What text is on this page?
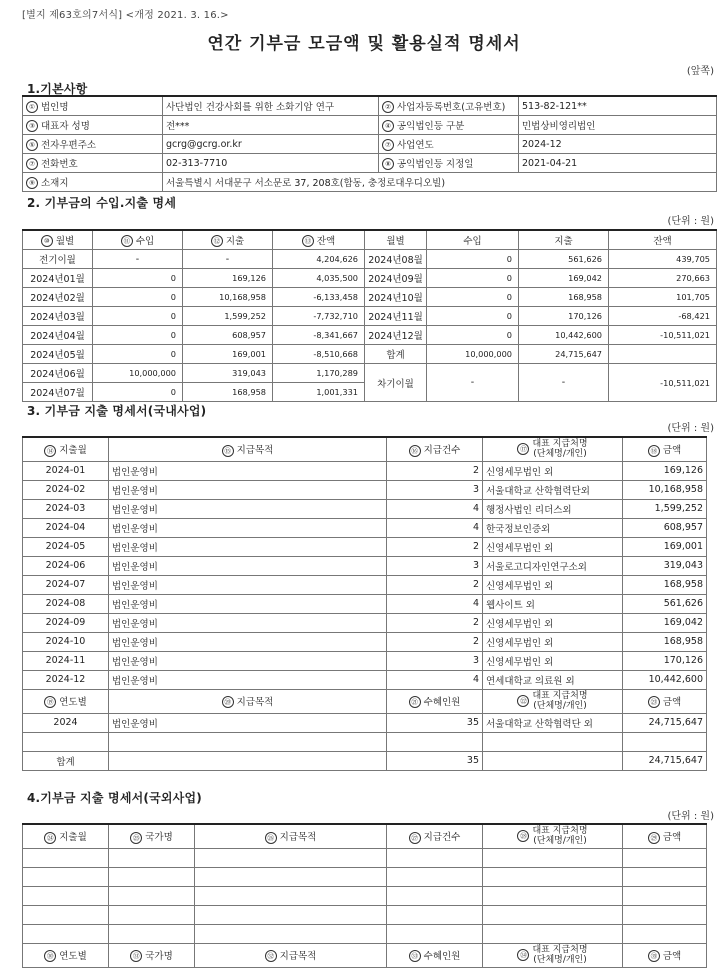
[별지 제63호의7서식] <개정 2021. 3. 16.>
연간 기부금 모금액 및 활용실적 명세서
(앞쪽)
1.기본사항
① 법인명	사단법인 건강사회를 위한 소화기암 연구	② 사업자등록번호(고유번호)	513-82-121**
③ 대표자 성명	전***	④ 공익법인등 구분	민법상비영리법인
⑤ 전자우편주소	gcrg@gcrg.or.kr	⑦ 사업연도	2024-12
⑦ 전화번호	02-313-7710	⑧ 공익법인등 지정일	2021-04-21
⑨ 소재지	서울특별시 서대문구 서소문로 37, 208호(합동, 충정로대우디오빌)		
2. 기부금의 수입.지출 명세
(단위 : 원)
⑩ 월별	⑪ 수입	⑫ 지출	⑬ 잔액	월별	수입	지출	잔액
전기이월	-	-	4,204,626	2024년08월	0	561,626	439,705
2024년01월	0	169,126	4,035,500	2024년09월	0	169,042	270,663
2024년02월	0	10,168,958	-6,133,458	2024년10월	0	168,958	101,705
2024년03월	0	1,599,252	-7,732,710	2024년11월	0	170,126	-68,421
2024년04월	0	608,957	-8,341,667	2024년12월	0	10,442,600	-10,511,021
2024년05월	0	169,001	-8,510,668	합계	10,000,000	24,715,647	
2024년06월	10,000,000	319,043	1,170,289	차기이월	-	-	-10,511,021
2024년07월	0	168,958	1,001,331				
3. 기부금 지출 명세서(국내사업)
(단위 : 원)
⑭ 지출월	⑮ 지급목적	⑯ 지급건수	⑰ 대표 지급처명
(단체명/개인)	⑱ 금액
2024-01	법인운영비	2	신영세무법인 외	169,126
2024-02	법인운영비	3	서울대학교 산학협력단외	10,168,958
2024-03	법인운영비	4	행정사법인 리더스외	1,599,252
2024-04	법인운영비	4	한국정보인증외	608,957
2024-05	법인운영비	2	신영세무법인 외	169,001
2024-06	법인운영비	3	서울로고디자인연구소외	319,043
2024-07	법인운영비	2	신영세무법인 외	168,958
2024-08	법인운영비	4	웹사이트 외	561,626
2024-09	법인운영비	2	신영세무법인 외	169,042
2024-10	법인운영비	2	신영세무법인 외	168,958
2024-11	법인운영비	3	신영세무법인 외	170,126
2024-12	법인운영비	4	연세대학교 의료원 외	10,442,600
⑲ 연도별	⑳ 지급목적	㉑ 수혜인원	㉒ 대표 지급처명
(단체명/개인)	㉓ 금액
2024	법인운영비	35	서울대학교 산학협력단 외	24,715,647

합계		35		24,715,647
4.기부금 지출 명세서(국외사업)
(단위 : 원)
㉔ 지출월	㉕ 국가명	㉖ 지급목적	㉗ 지급건수	㉘ 대표 지급처명
(단체명/개인)	㉙ 금액

㉚ 연도별	㉛ 국가명	㉜ 지급목적	㉝ 수혜인원	㉞ 대표 지급처명
(단체명/개인)	㉟ 금액
